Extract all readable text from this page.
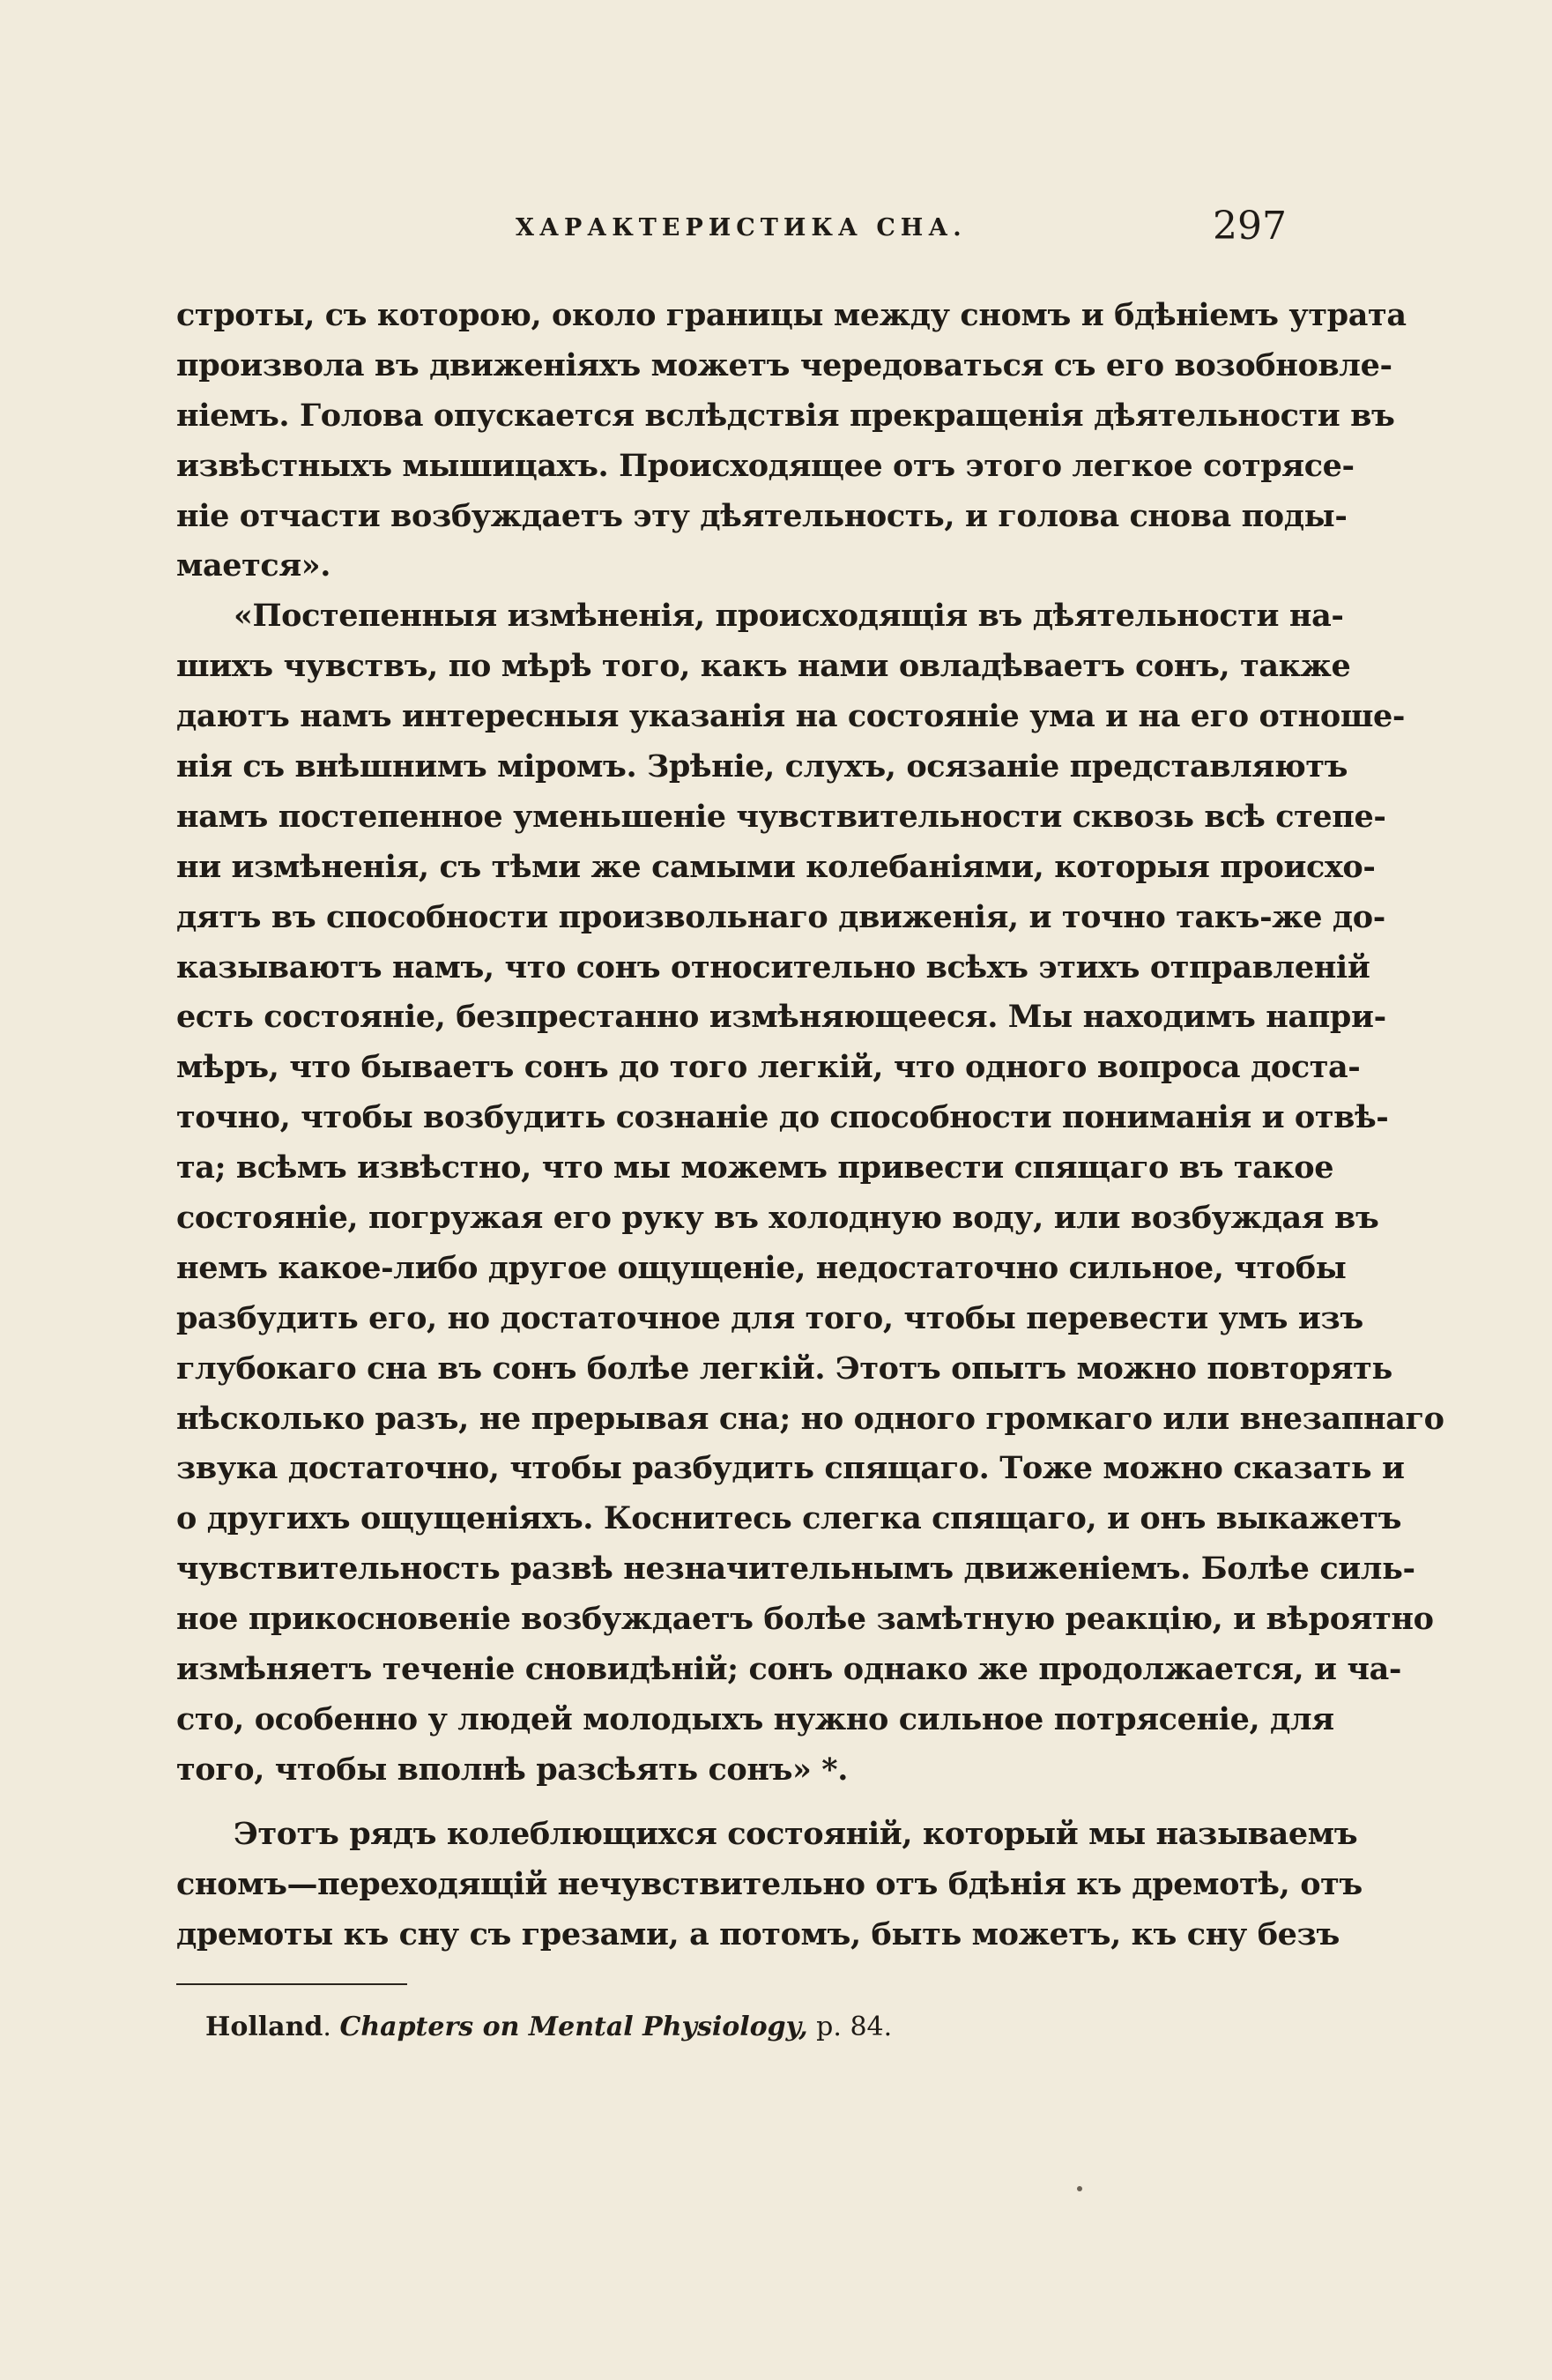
ХАРАКТЕРИСТИКА СНА.	297
строты, съ которою, около границы между сномъ и бдѣніемъ утрата
произвола въ движеніяхъ можетъ чередоваться съ его возобновле-
ніемъ. Голова опускается вслѣдствія прекращенія дѣятельности въ
извѣстныхъ мышицахъ. Происходящее отъ этого легкое сотрясе-
ніе отчасти возбуждаетъ эту дѣятельность, и голова снова поды-
мается».
«Постепенныя измѣненія, происходящія въ дѣятельности на-
шихъ чувствъ, по мѣрѣ того, какъ нами овладѣваетъ сонъ, также
даютъ намъ интересныя указанія на состояніе ума и на его отноше-
нія съ внѣшнимъ міромъ. Зрѣніе, слухъ, осязаніе представляютъ
намъ постепенное уменьшеніе чувствительности сквозь всѣ степе-
ни измѣненія, съ тѣми же самыми колебаніями, которыя происхо-
дятъ въ способности произвольнаго движенія, и точно такъ-же до-
казываютъ намъ, что сонъ относительно всѣхъ этихъ отправленій
есть состояніе, безпрестанно измѣняющееся. Мы находимъ напри-
мѣръ, что бываетъ сонъ до того легкій, что одного вопроса доста-
точно, чтобы возбудить сознаніе до способности пониманія и отвѣ-
та; всѣмъ извѣстно, что мы можемъ привести спящаго въ такое
состояніе, погружая его руку въ холодную воду, или возбуждая въ
немъ какое-либо другое ощущеніе, недостаточно сильное, чтобы
разбудить его, но достаточное для того, чтобы перевести умъ изъ
глубокаго сна въ сонъ болѣе легкій. Этотъ опытъ можно повторять
нѣсколько разъ, не прерывая сна; но одного громкаго или внезапнаго
звука достаточно, чтобы разбудить спящаго. Тоже можно сказать и
о другихъ ощущеніяхъ. Коснитесь слегка спящаго, и онъ выкажетъ
чувствительность развѣ незначительнымъ движеніемъ. Болѣе силь-
ное прикосновеніе возбуждаетъ болѣе замѣтную реакцію, и вѣроятно
измѣняетъ теченіе сновидѣній; сонъ однако же продолжается, и ча-
сто, особенно у людей молодыхъ нужно сильное потрясеніе, для
того, чтобы вполнѣ разсѣять сонъ» *.
Этотъ рядъ колеблющихся состояній, который мы называемъ
сномъ—переходящій нечувствительно отъ бдѣнія къ дремотѣ, отъ
дремоты къ сну съ грезами, а потомъ, быть можетъ, къ сну безъ
Holland. Chapters on Mental Physiology, p. 84.
